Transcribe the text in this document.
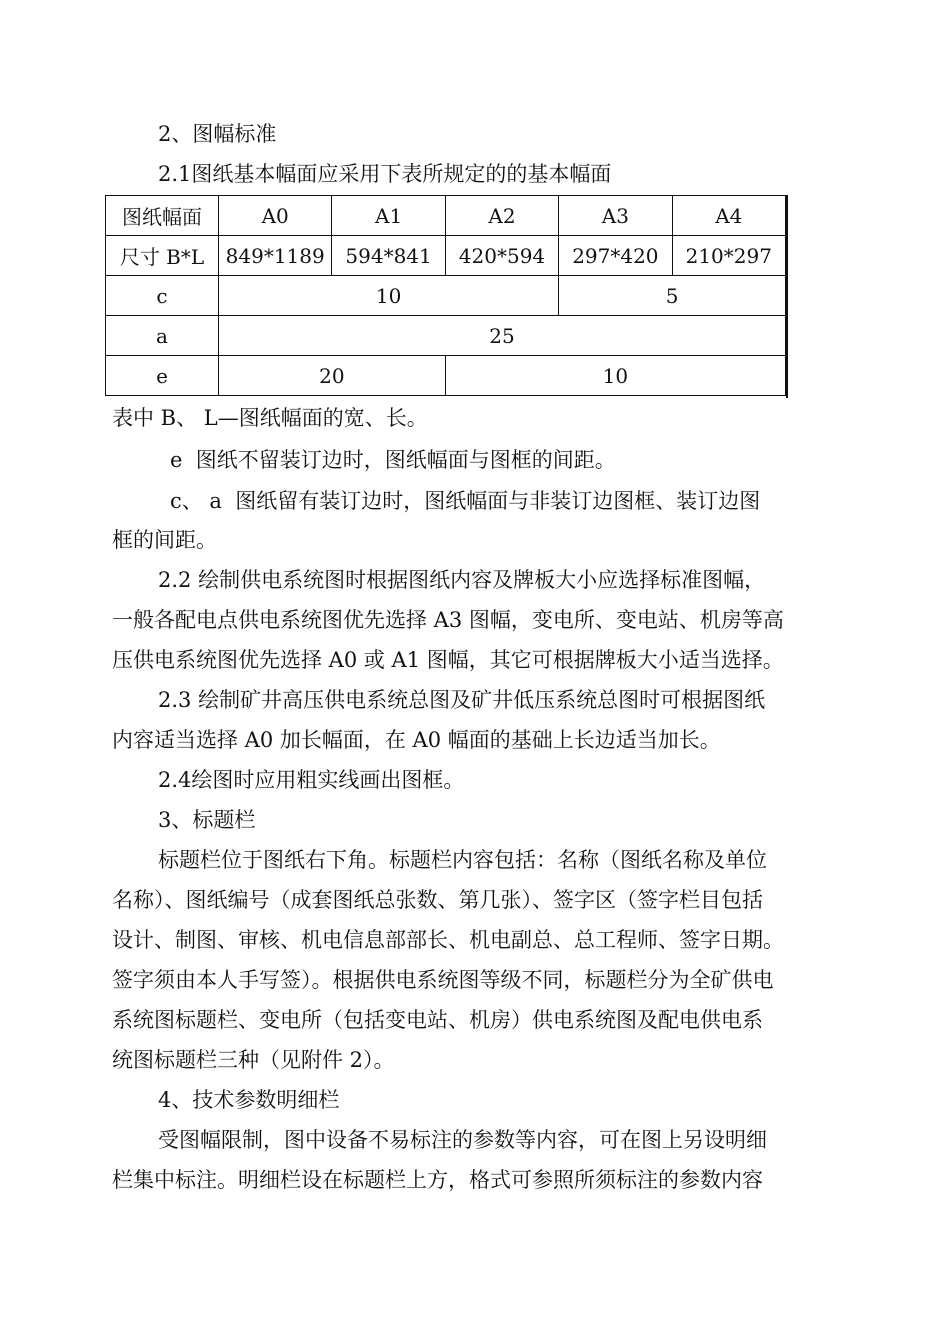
2、图幅标准
2.1图纸基本幅面应采用下表所规定的的基本幅面
图纸幅面	A0	A1	A2	A3	A4
尺寸 B*L	849*1189	594*841	420*594	297*420	210*297
c	10			5	
a	25				
e	20		10		
表中 B、 L—图纸幅面的宽、长。
e  图纸不留装订边时，图纸幅面与图框的间距。
c、 a  图纸留有装订边时，图纸幅面与非装订边图框、装订边图
框的间距。
2.2 绘制供电系统图时根据图纸内容及牌板大小应选择标准图幅，
一般各配电点供电系统图优先选择 A3 图幅，变电所、变电站、机房等高
压供电系统图优先选择 A0 或 A1 图幅，其它可根据牌板大小适当选择。
2.3 绘制矿井高压供电系统总图及矿井低压系统总图时可根据图纸
内容适当选择 A0 加长幅面，在 A0 幅面的基础上长边适当加长。
2.4绘图时应用粗实线画出图框。
3、标题栏
标题栏位于图纸右下角。标题栏内容包括：名称（图纸名称及单位
名称）、图纸编号（成套图纸总张数、第几张）、签字区（签字栏目包括
设计、制图、审核、机电信息部部长、机电副总、总工程师、签字日期。
签字须由本人手写签）。根据供电系统图等级不同，标题栏分为全矿供电
系统图标题栏、变电所（包括变电站、机房）供电系统图及配电供电系
统图标题栏三种（见附件 2）。
4、技术参数明细栏
受图幅限制，图中设备不易标注的参数等内容，可在图上另设明细
栏集中标注。明细栏设在标题栏上方，格式可参照所须标注的参数内容
